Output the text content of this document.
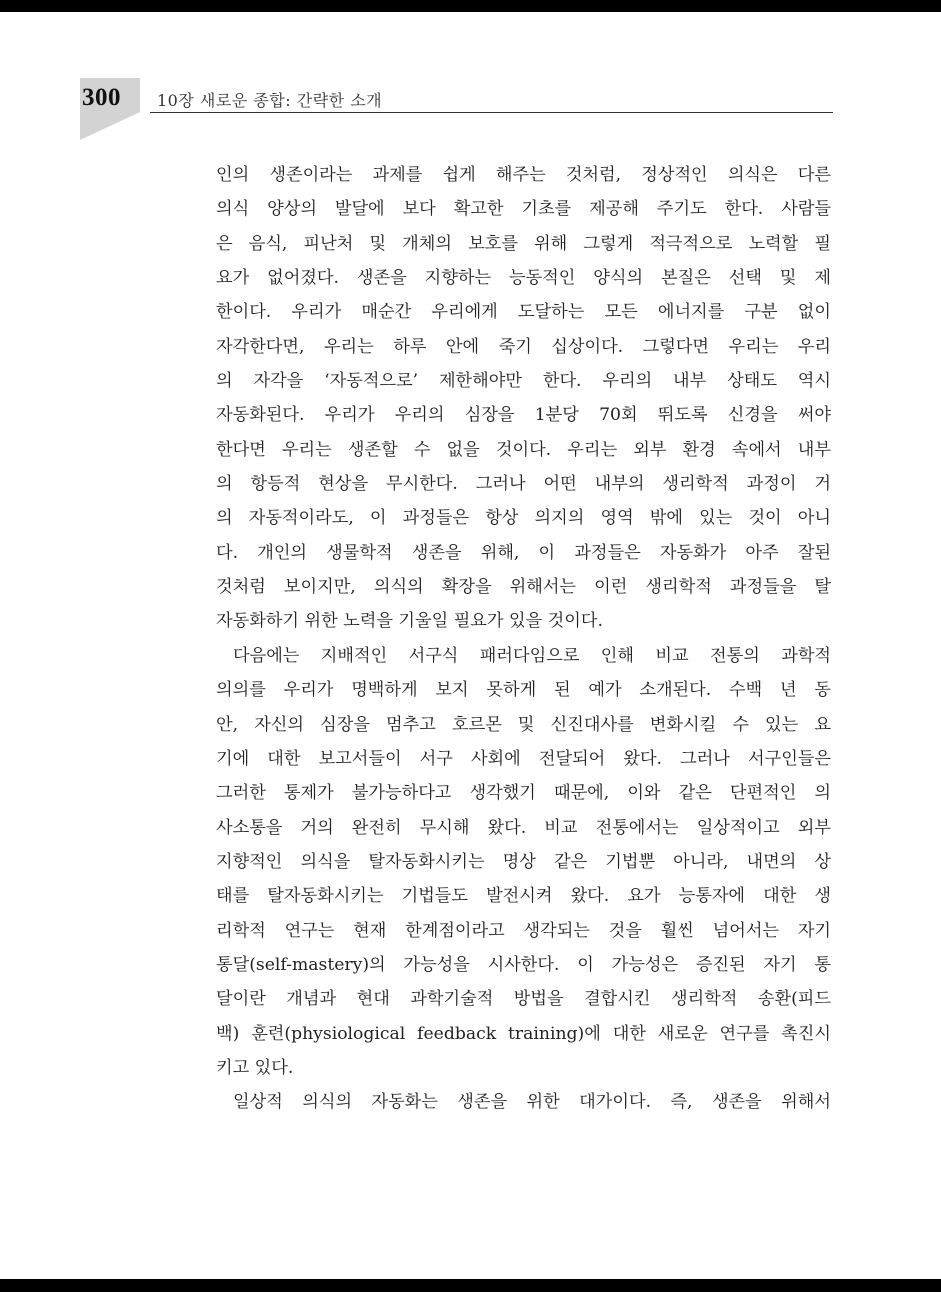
300 10장 새로운 종합: 간략한 소개
인의 생존이라는 과제를 쉽게 해주는 것처럼, 정상적인 의식은 다른
의식 양상의 발달에 보다 확고한 기초를 제공해 주기도 한다. 사람들
은 음식, 피난처 및 개체의 보호를 위해 그렇게 적극적으로 노력할 필
요가 없어졌다. 생존을 지향하는 능동적인 양식의 본질은 선택 및 제
한이다. 우리가 매순간 우리에게 도달하는 모든 에너지를 구분 없이
자각한다면, 우리는 하루 안에 죽기 십상이다. 그렇다면 우리는 우리
의 자각을 ‘자동적으로’ 제한해야만 한다. 우리의 내부 상태도 역시
자동화된다. 우리가 우리의 심장을 1분당 70회 뛰도록 신경을 써야
한다면 우리는 생존할 수 없을 것이다. 우리는 외부 환경 속에서 내부
의 항등적 현상을 무시한다. 그러나 어떤 내부의 생리학적 과정이 거
의 자동적이라도, 이 과정들은 항상 의지의 영역 밖에 있는 것이 아니
다. 개인의 생물학적 생존을 위해, 이 과정들은 자동화가 아주 잘된
것처럼 보이지만, 의식의 확장을 위해서는 이런 생리학적 과정들을 탈
자동화하기 위한 노력을 기울일 필요가 있을 것이다.
다음에는 지배적인 서구식 패러다임으로 인해 비교 전통의 과학적
의의를 우리가 명백하게 보지 못하게 된 예가 소개된다. 수백 년 동
안, 자신의 심장을 멈추고 호르몬 및 신진대사를 변화시킬 수 있는 요
기에 대한 보고서들이 서구 사회에 전달되어 왔다. 그러나 서구인들은
그러한 통제가 불가능하다고 생각했기 때문에, 이와 같은 단편적인 의
사소통을 거의 완전히 무시해 왔다. 비교 전통에서는 일상적이고 외부
지향적인 의식을 탈자동화시키는 명상 같은 기법뿐 아니라, 내면의 상
태를 탈자동화시키는 기법들도 발전시켜 왔다. 요가 능통자에 대한 생
리학적 연구는 현재 한계점이라고 생각되는 것을 훨씬 넘어서는 자기
통달(self-mastery)의 가능성을 시사한다. 이 가능성은 증진된 자기 통
달이란 개념과 현대 과학기술적 방법을 결합시킨 생리학적 송환(피드
백) 훈련(physiological feedback training)에 대한 새로운 연구를 촉진시
키고 있다.
일상적 의식의 자동화는 생존을 위한 대가이다. 즉, 생존을 위해서
